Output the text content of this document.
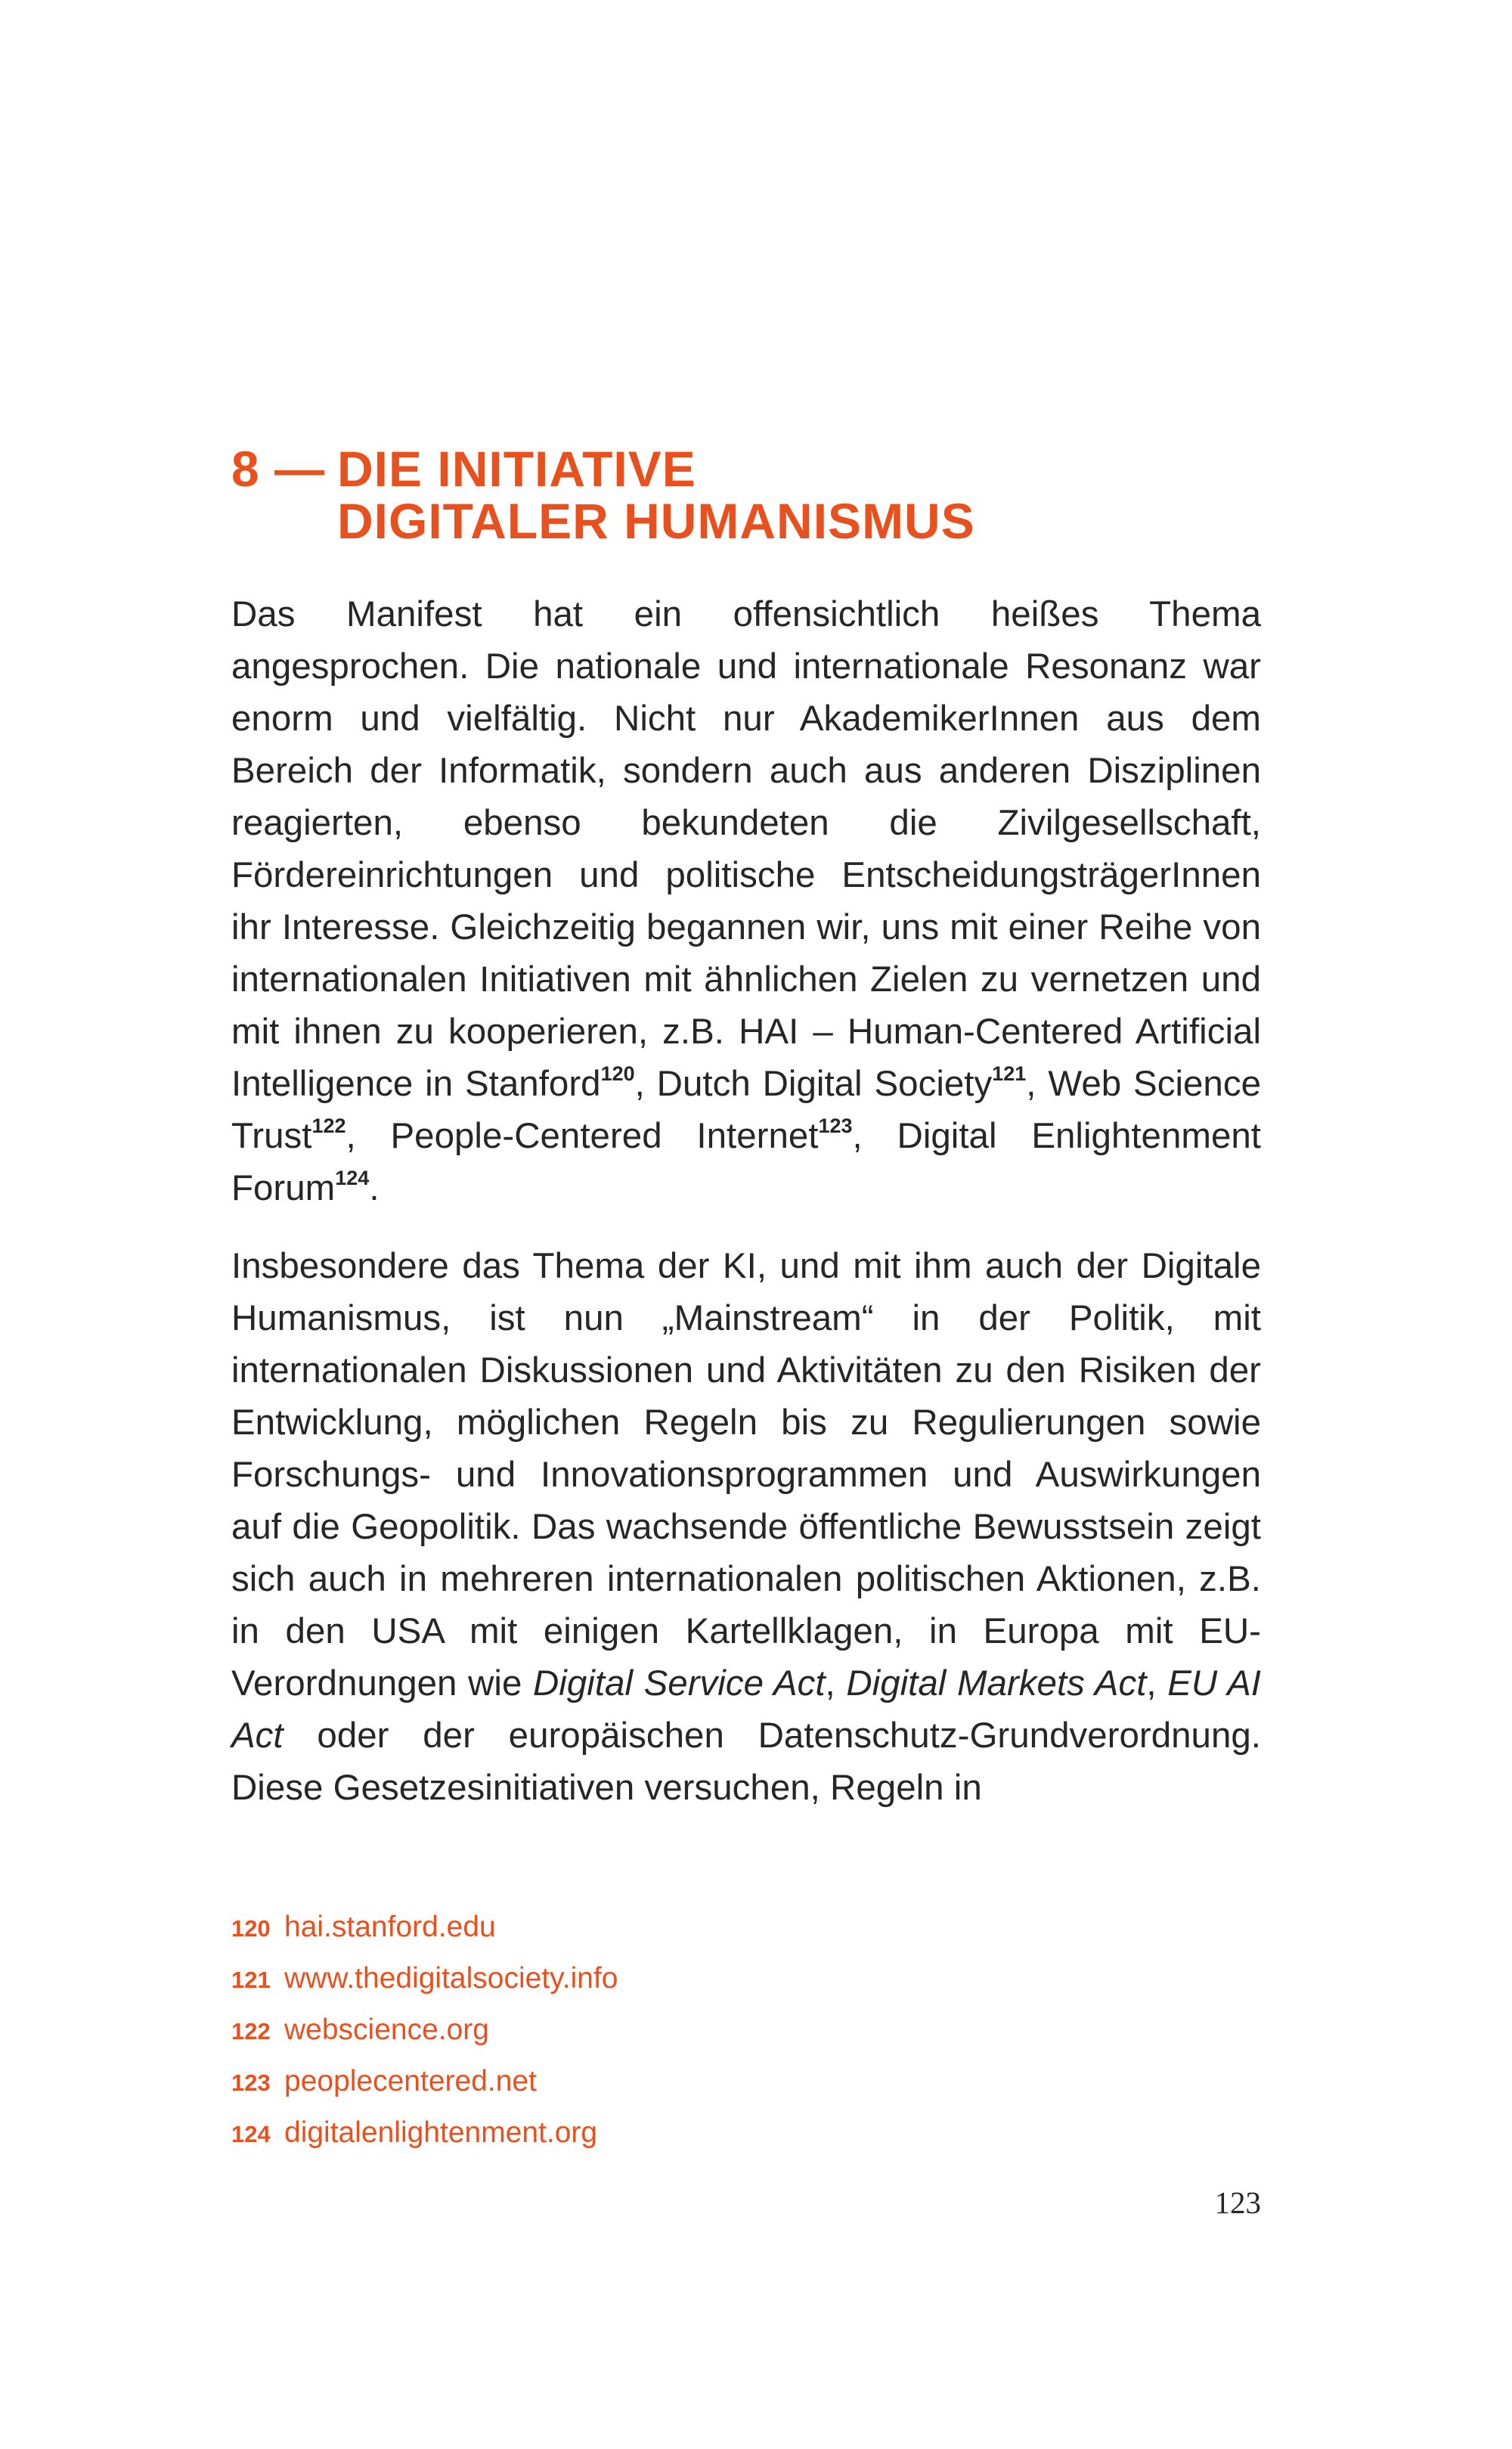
8 — DIE INITIATIVE
DIGITALER HUMANISMUS

Das Manifest hat ein offensichtlich heißes Thema angesprochen. Die nationale und internationale Resonanz war enorm und vielfältig. Nicht nur AkademikerInnen aus dem Bereich der Informatik, sondern auch aus anderen Disziplinen reagierten, ebenso bekundeten die Zivilgesellschaft, Fördereinrichtungen und politische EntscheidungsträgerInnen ihr Interesse. Gleichzeitig begannen wir, uns mit einer Reihe von internationalen Initiativen mit ähnlichen Zielen zu vernetzen und mit ihnen zu kooperieren, z.B. HAI – Human-Centered Artificial Intelligence in Stanford$^{120}$, Dutch Digital Society$^{121}$, Web Science Trust$^{122}$, People-Centered Internet$^{123}$, Digital Enlightenment Forum$^{124}$.

Insbesondere das Thema der KI, und mit ihm auch der Digitale Humanismus, ist nun „Mainstream“ in der Politik, mit internationalen Diskussionen und Aktivitäten zu den Risiken der Entwicklung, möglichen Regeln bis zu Regulierungen sowie Forschungs- und Innovationsprogrammen und Auswirkungen auf die Geopolitik. Das wachsende öffentliche Bewusstsein zeigt sich auch in mehreren internationalen politischen Aktionen, z.B. in den USA mit einigen Kartellklagen, in Europa mit EU-Verordnungen wie Digital Service Act, Digital Markets Act, EU AI Act oder der europäischen Datenschutz-Grundverordnung. Diese Gesetzesinitiativen versuchen, Regeln in

120 hai.stanford.edu
121 www.thedigitalsociety.info
122 webscience.org
123 peoplecentered.net
124 digitalenlightenment.org
123
